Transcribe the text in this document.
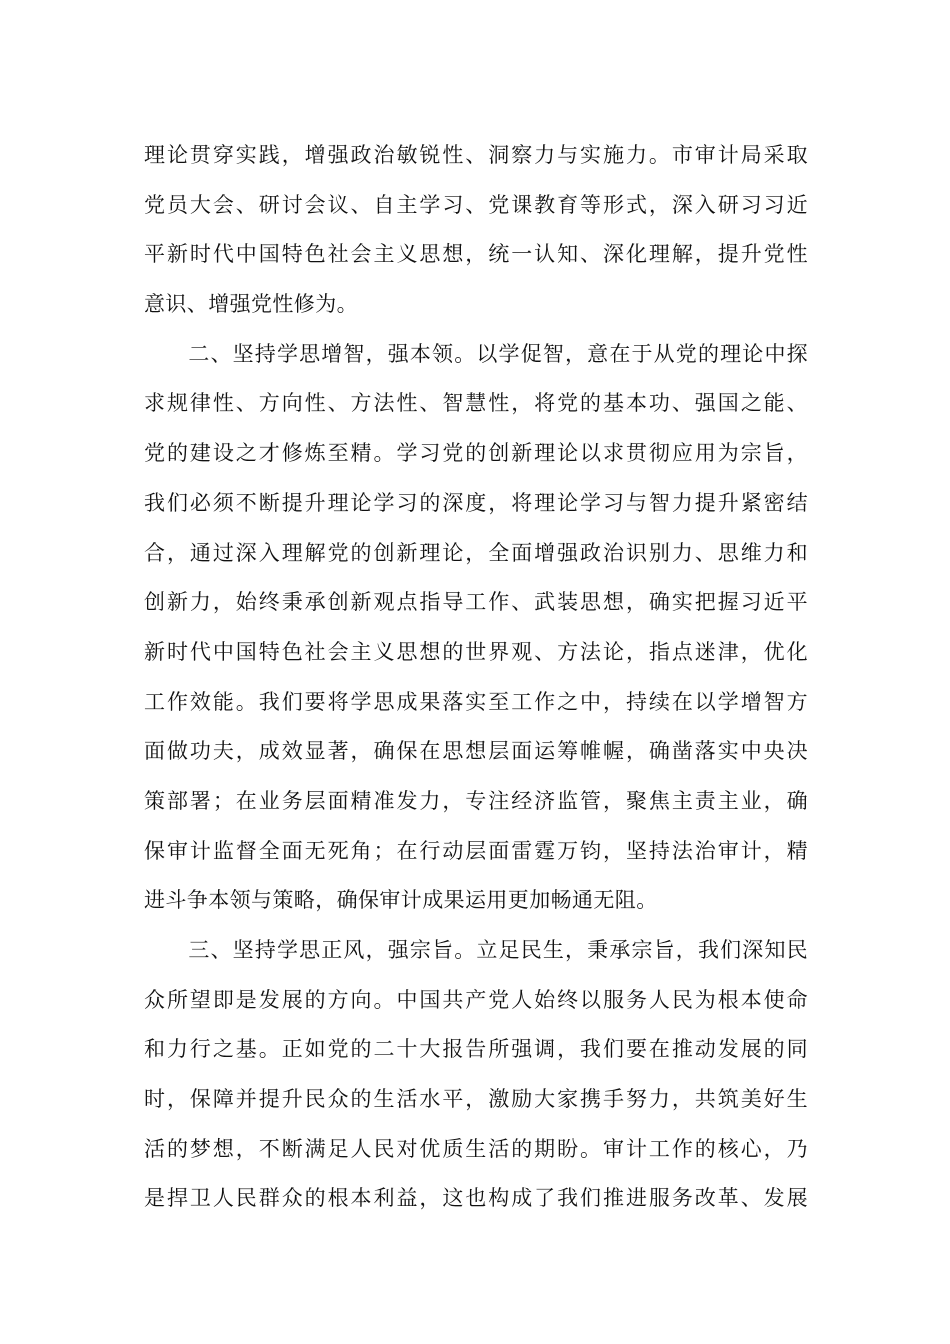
理论贯穿实践，增强政治敏锐性、洞察力与实施力。市审计局采取
党员大会、研讨会议、自主学习、党课教育等形式，深入研习习近
平新时代中国特色社会主义思想，统一认知、深化理解，提升党性
意识、增强党性修为。
　　二、坚持学思增智，强本领。以学促智，意在于从党的理论中探
求规律性、方向性、方法性、智慧性，将党的基本功、强国之能、
党的建设之才修炼至精。学习党的创新理论以求贯彻应用为宗旨，
我们必须不断提升理论学习的深度，将理论学习与智力提升紧密结
合，通过深入理解党的创新理论，全面增强政治识别力、思维力和
创新力，始终秉承创新观点指导工作、武装思想，确实把握习近平
新时代中国特色社会主义思想的世界观、方法论，指点迷津，优化
工作效能。我们要将学思成果落实至工作之中，持续在以学增智方
面做功夫，成效显著，确保在思想层面运筹帷幄，确凿落实中央决
策部署；在业务层面精准发力，专注经济监管，聚焦主责主业，确
保审计监督全面无死角；在行动层面雷霆万钧，坚持法治审计，精
进斗争本领与策略，确保审计成果运用更加畅通无阻。
　　三、坚持学思正风，强宗旨。立足民生，秉承宗旨，我们深知民
众所望即是发展的方向。中国共产党人始终以服务人民为根本使命
和力行之基。正如党的二十大报告所强调，我们要在推动发展的同
时，保障并提升民众的生活水平，激励大家携手努力，共筑美好生
活的梦想，不断满足人民对优质生活的期盼。审计工作的核心，乃
是捍卫人民群众的根本利益，这也构成了我们推进服务改革、发展
